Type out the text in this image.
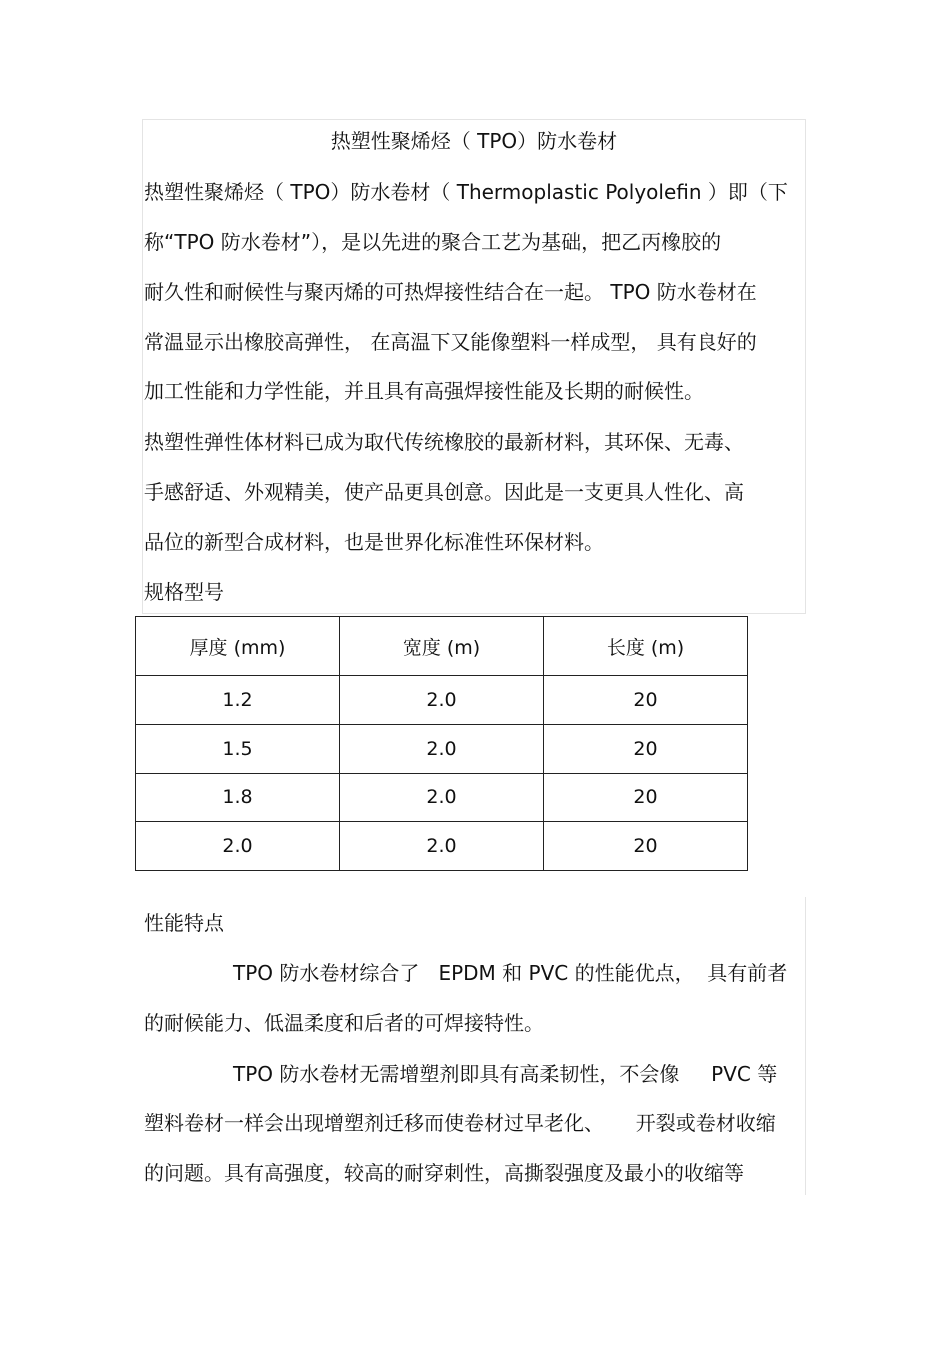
热塑性聚烯烃（ TPO）防水卷材

热塑性聚烯烃（ TPO）防水卷材（ Thermoplastic Polyolefin ）即（下

称“TPO 防水卷材”），是以先进的聚合工艺为基础，把乙丙橡胶的

耐久性和耐候性与聚丙烯的可热焊接性结合在一起。 TPO 防水卷材在

常温显示出橡胶高弹性， 在高温下又能像塑料一样成型， 具有良好的

加工性能和力学性能，并且具有高强焊接性能及长期的耐候性。

热塑性弹性体材料已成为取代传统橡胶的最新材料，其环保、无毒、

手感舒适、外观精美，使产品更具创意。因此是一支更具人性化、高

品位的新型合成材料，也是世界化标准性环保材料。

规格型号

厚度 (mm)	宽度 (m)	长度 (m)
1.2	2.0	20
1.5	2.0	20
1.8	2.0	20
2.0	2.0	20

性能特点

TPO 防水卷材综合了   EPDM 和 PVC 的性能优点，  具有前者

的耐候能力、低温柔度和后者的可焊接特性。

TPO 防水卷材无需增塑剂即具有高柔韧性，不会像     PVC 等

塑料卷材一样会出现增塑剂迁移而使卷材过早老化、     开裂或卷材收缩

的问题。具有高强度，较高的耐穿刺性，高撕裂强度及最小的收缩等
